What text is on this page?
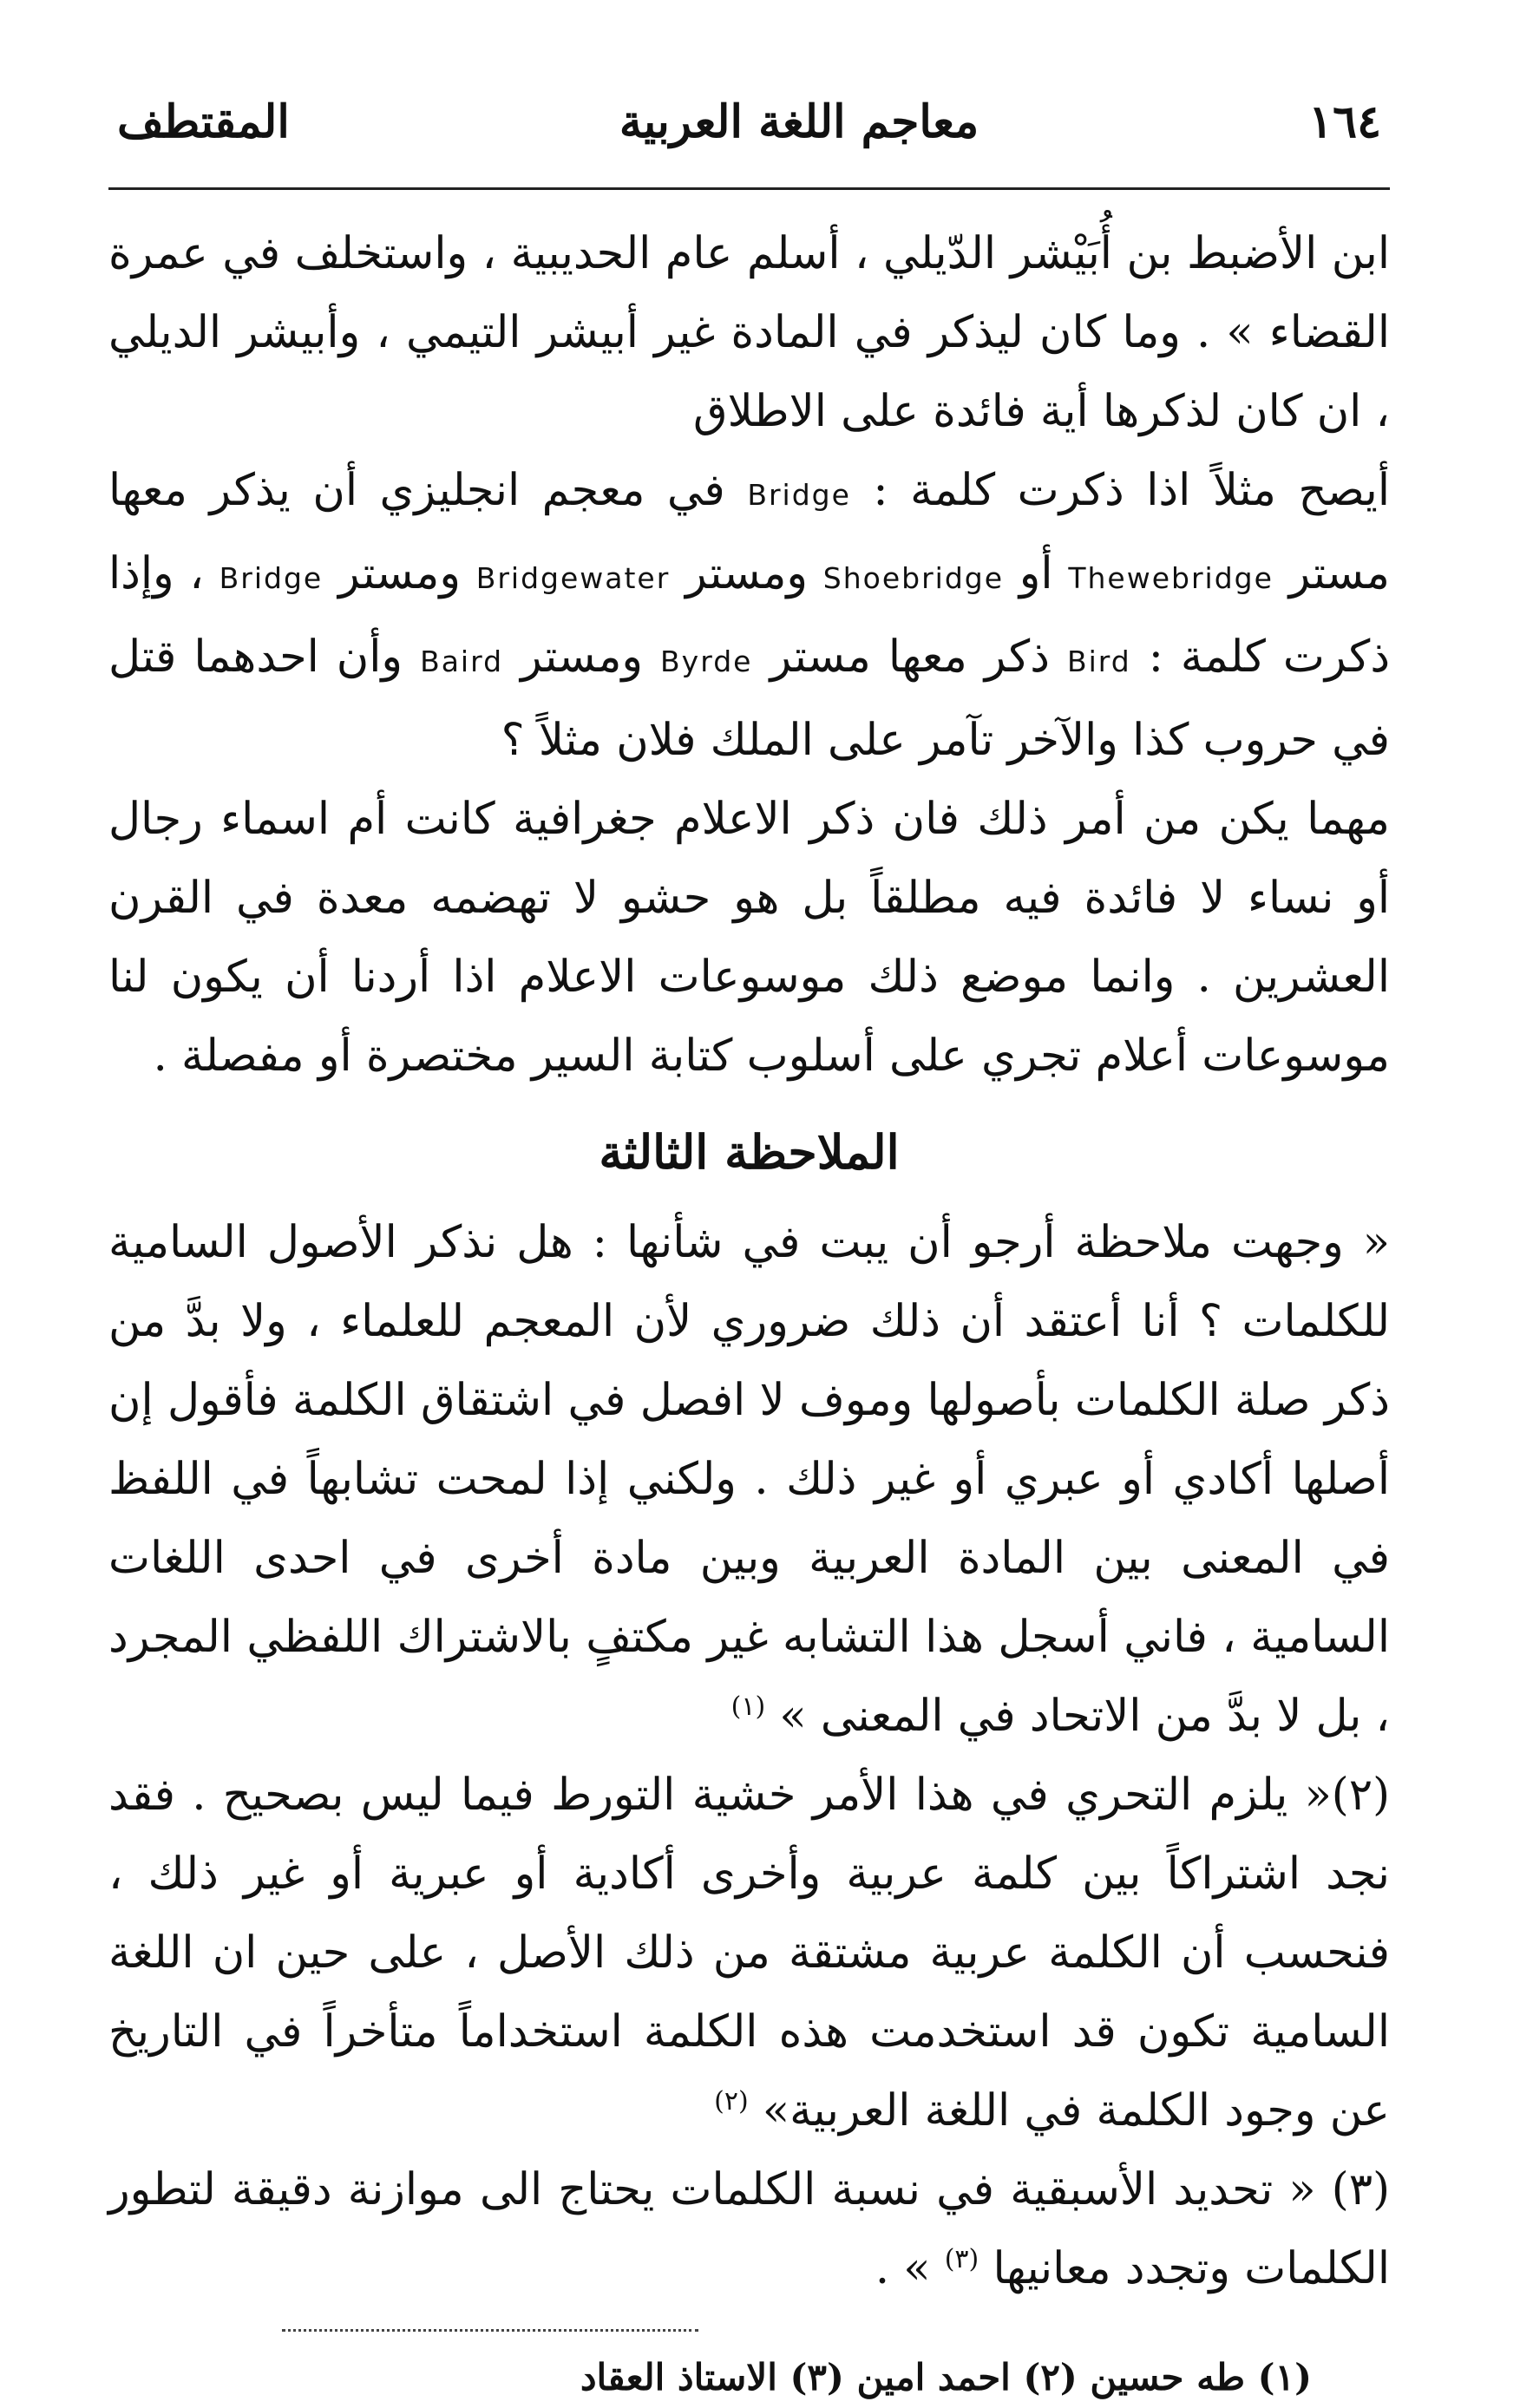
١٦٤
معاجم اللغة العربية
المقتطف

ابن الأضبط بن أُبَيْشر الدّيلي ، أسلم عام الحديبية ، واستخلف في عمرة القضاء » . وما كان ليذكر في المادة غير أبيشر التيمي ، وأبيشر الديلي ، ان كان لذكرها أية فائدة على الاطلاق

أيصح مثلاً اذا ذكرت كلمة : Bridge في معجم انجليزي أن يذكر معها مستر Thewebridge أو Shoebridge ومستر Bridgewater ومستر Bridge ، وإذا ذكرت كلمة : Bird ذكر معها مستر Byrde ومستر Baird وأن احدهما قتل في حروب كذا والآخر تآمر على الملك فلان مثلاً ؟

مهما يكن من أمر ذلك فان ذكر الاعلام جغرافية كانت أم اسماء رجال أو نساء لا فائدة فيه مطلقاً بل هو حشو لا تهضمه معدة في القرن العشرين . وانما موضع ذلك موسوعات الاعلام اذا أردنا أن يكون لنا موسوعات أعلام تجري على أسلوب كتابة السير مختصرة أو مفصلة .

الملاحظة الثالثة

« وجهت ملاحظة أرجو أن يبت في شأنها : هل نذكر الأصول السامية للكلمات ؟ أنا أعتقد أن ذلك ضروري لأن المعجم للعلماء ، ولا بدَّ من ذكر صلة الكلمات بأصولها وموف لا افصل في اشتقاق الكلمة فأقول إن أصلها أكادي أو عبري أو غير ذلك . ولكني إذا لمحت تشابهاً في اللفظ في المعنى بين المادة العربية وبين مادة أخرى في احدى اللغات السامية ، فاني أسجل هذا التشابه غير مكتفٍ بالاشتراك اللفظي المجرد ، بل لا بدَّ من الاتحاد في المعنى » $^{(١)}$

(٢)« يلزم التحري في هذا الأمر خشية التورط فيما ليس بصحيح . فقد نجد اشتراكاً بين كلمة عربية وأخرى أكادية أو عبرية أو غير ذلك ، فنحسب أن الكلمة عربية مشتقة من ذلك الأصل ، على حين ان اللغة السامية تكون قد استخدمت هذه الكلمة استخداماً متأخراً في التاريخ عن وجود الكلمة في اللغة العربية» $^{(٢)}$

(٣) « تحديد الأسبقية في نسبة الكلمات يحتاج الى موازنة دقيقة لتطور الكلمات وتجدد معانيها $^{(٣)}$ » .

(١) طه حسين (٢) احمد امين (٣) الاستاذ العقاد
